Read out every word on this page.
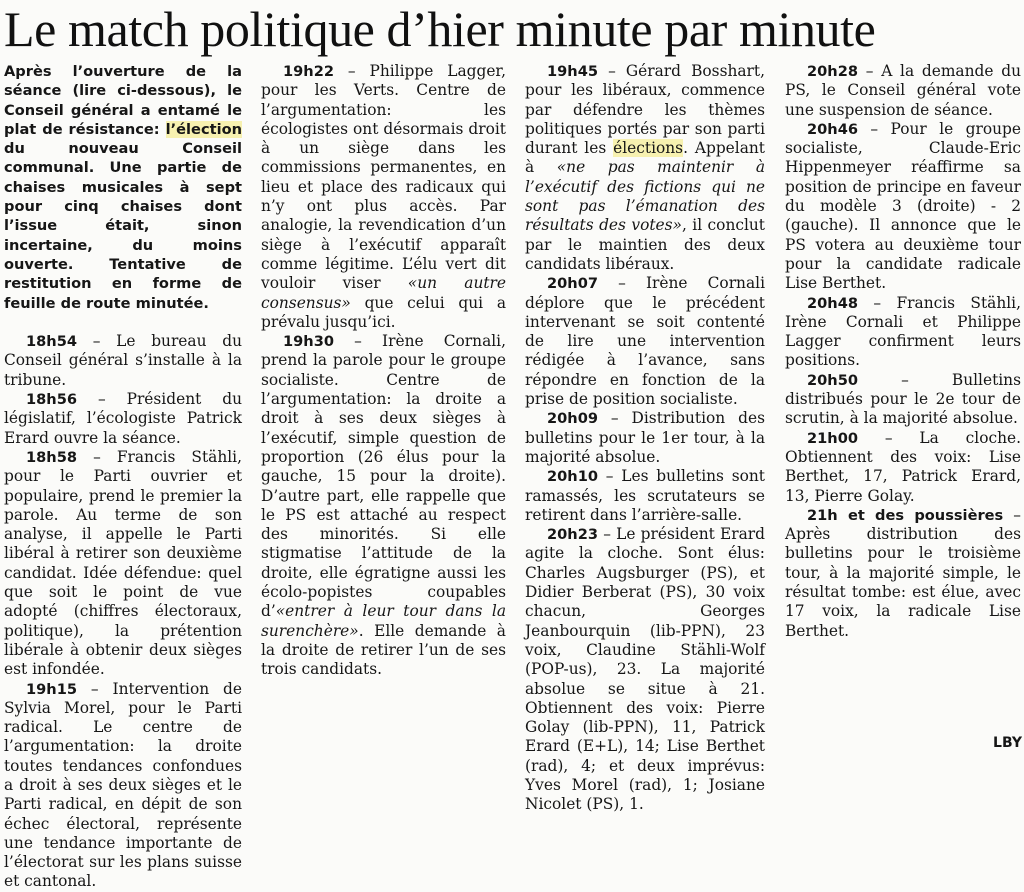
Le match politique d’hier minute par minute

Après l’ouverture de la séance (lire ci-dessous), le Conseil général a entamé le plat de résistance: l’élection du nouveau Conseil communal. Une partie de chaises musicales à sept pour cinq chaises dont l’issue était, sinon incertaine, du moins ouverte. Tentative de restitution en forme de feuille de route minutée.

18h54 – Le bureau du Conseil général s’installe à la tribune.

18h56 – Président du législatif, l’écologiste Patrick Erard ouvre la séance.

18h58 – Francis Stähli, pour le Parti ouvrier et populaire, prend le premier la parole. Au terme de son analyse, il appelle le Parti libéral à retirer son deuxième candidat. Idée défendue: quel que soit le point de vue adopté (chiffres électoraux, politique), la prétention libérale à obtenir deux sièges est infondée.

19h15 – Intervention de Sylvia Morel, pour le Parti radical. Le centre de l’argumentation: la droite toutes tendances confondues a droit à ses deux sièges et le Parti radical, en dépit de son échec électoral, représente une tendance importante de l’électorat sur les plans suisse et cantonal.

19h22 – Philippe Lagger, pour les Verts. Centre de l’argumentation: les écologistes ont désormais droit à un siège dans les commissions permanentes, en lieu et place des radicaux qui n’y ont plus accès. Par analogie, la revendication d’un siège à l’exécutif apparaît comme légitime. L’élu vert dit vouloir viser «un autre consensus» que celui qui a prévalu jusqu’ici.

19h30 – Irène Cornali, prend la parole pour le groupe socialiste. Centre de l’argumentation: la droite a droit à ses deux sièges à l’exécutif, simple question de proportion (26 élus pour la gauche, 15 pour la droite). D’autre part, elle rappelle que le PS est attaché au respect des minorités. Si elle stigmatise l’attitude de la droite, elle égratigne aussi les écolo-popistes coupables d’«entrer à leur tour dans la surenchère». Elle demande à la droite de retirer l’un de ses trois candidats.

19h45 – Gérard Bosshart, pour les libéraux, commence par défendre les thèmes politiques portés par son parti durant les élections. Appelant à «ne pas maintenir à l’exécutif des fictions qui ne sont pas l’émanation des résultats des votes», il conclut par le maintien des deux candidats libéraux.

20h07 – Irène Cornali déplore que le précédent intervenant se soit contenté de lire une intervention rédigée à l’avance, sans répondre en fonction de la prise de position socialiste.

20h09 – Distribution des bulletins pour le 1er tour, à la majorité absolue.

20h10 – Les bulletins sont ramassés, les scrutateurs se retirent dans l’arrière-salle.

20h23 – Le président Erard agite la cloche. Sont élus: Charles Augsburger (PS), et Didier Berberat (PS), 30 voix chacun, Georges Jeanbourquin (lib-PPN), 23 voix, Claudine Stähli-Wolf (POP-us), 23. La majorité absolue se situe à 21. Obtiennent des voix: Pierre Golay (lib-PPN), 11, Patrick Erard (E+L), 14; Lise Berthet (rad), 4; et deux imprévus: Yves Morel (rad), 1; Josiane Nicolet (PS), 1.

20h28 – A la demande du PS, le Conseil général vote une suspension de séance.

20h46 – Pour le groupe socialiste, Claude-Eric Hippenmeyer réaffirme sa position de principe en faveur du modèle 3 (droite) - 2 (gauche). Il annonce que le PS votera au deuxième tour pour la candidate radicale Lise Berthet.

20h48 – Francis Stähli, Irène Cornali et Philippe Lagger confirment leurs positions.

20h50 – Bulletins distribués pour le 2e tour de scrutin, à la majorité absolue.

21h00 – La cloche. Obtiennent des voix: Lise Berthet, 17, Patrick Erard, 13, Pierre Golay.

21h et des poussières – Après distribution des bulletins pour le troisième tour, à la majorité simple, le résultat tombe: est élue, avec 17 voix, la radicale Lise Berthet.

LBY
